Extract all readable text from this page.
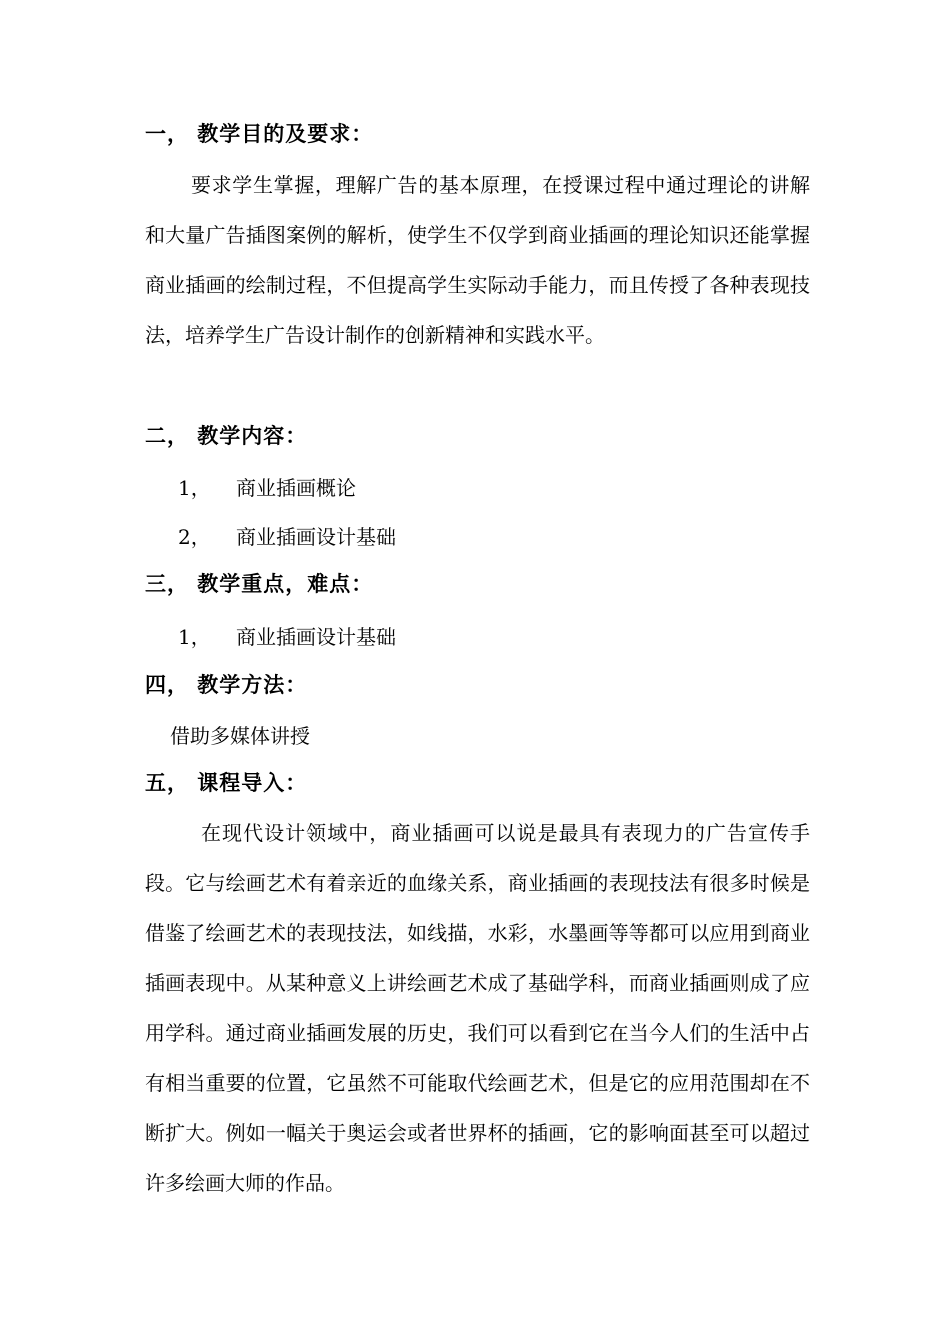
一， 教学目的及要求：

要求学生掌握，理解广告的基本原理，在授课过程中通过理论的讲解和大量广告插图案例的解析，使学生不仅学到商业插画的理论知识还能掌握商业插画的绘制过程，不但提高学生实际动手能力，而且传授了各种表现技法，培养学生广告设计制作的创新精神和实践水平。

二， 教学内容：
1， 商业插画概论
2， 商业插画设计基础
三， 教学重点，难点：
1， 商业插画设计基础
四， 教学方法：
借助多媒体讲授
五， 课程导入：

在现代设计领域中，商业插画可以说是最具有表现力的广告宣传手段。它与绘画艺术有着亲近的血缘关系，商业插画的表现技法有很多时候是借鉴了绘画艺术的表现技法，如线描，水彩，水墨画等等都可以应用到商业插画表现中。从某种意义上讲绘画艺术成了基础学科，而商业插画则成了应用学科。通过商业插画发展的历史，我们可以看到它在当今人们的生活中占有相当重要的位置，它虽然不可能取代绘画艺术，但是它的应用范围却在不断扩大。例如一幅关于奥运会或者世界杯的插画，它的影响面甚至可以超过许多绘画大师的作品。
